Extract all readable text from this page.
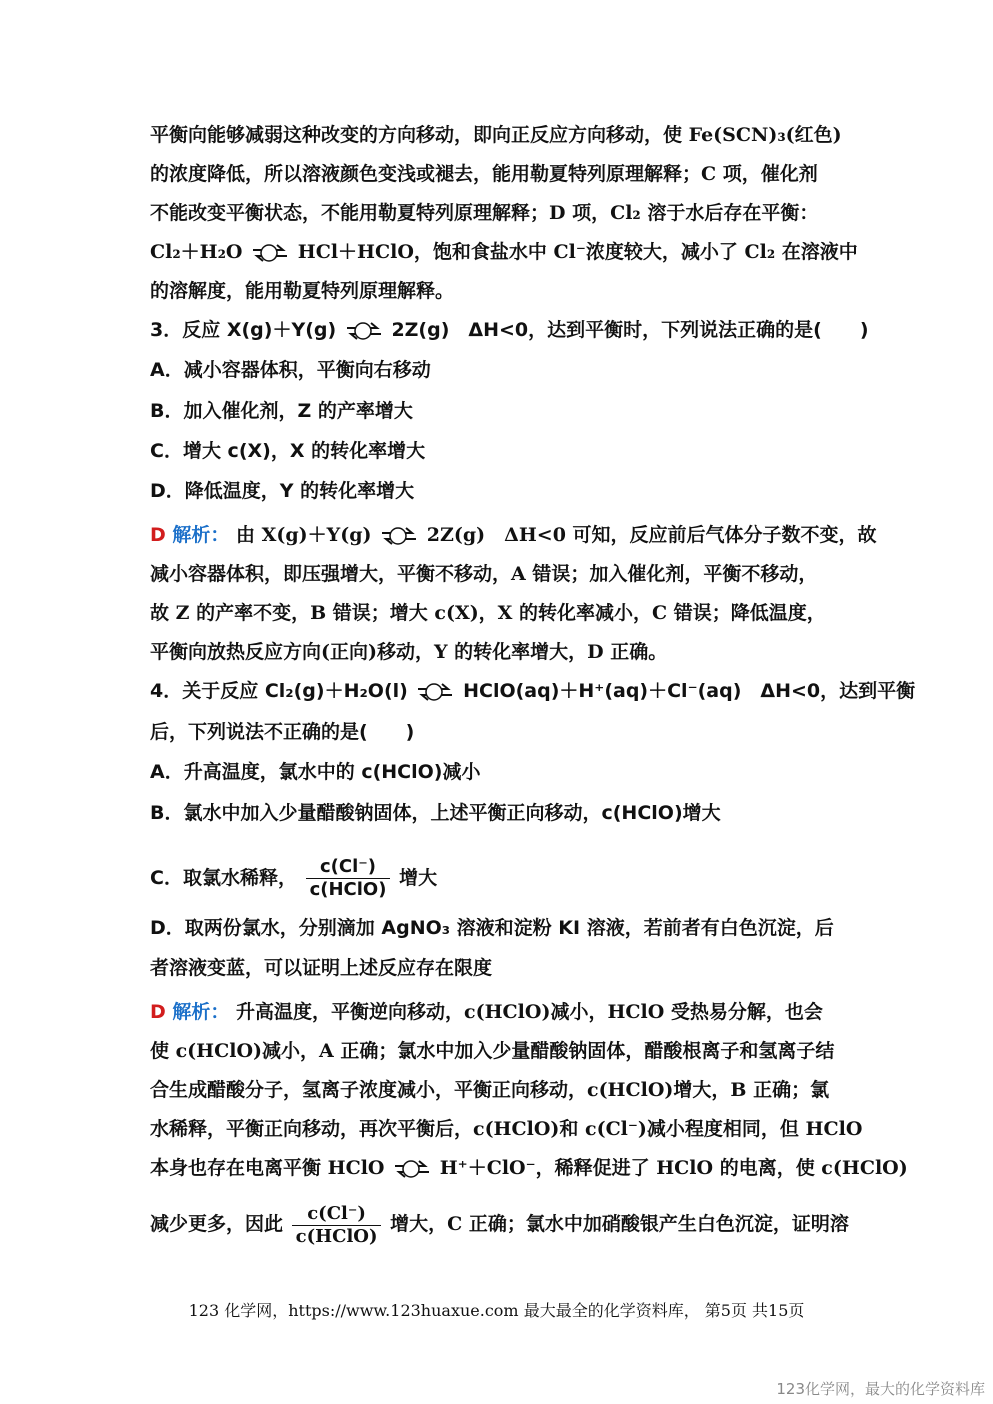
平衡向能够减弱这种改变的方向移动，即向正反应方向移动，使 Fe(SCN)₃(红色)
的浓度降低，所以溶液颜色变浅或褪去，能用勒夏特列原理解释；C 项，催化剂
不能改变平衡状态，不能用勒夏特列原理解释；D 项，Cl₂ 溶于水后存在平衡：
Cl₂＋H₂O ⇌ HCl＋HClO，饱和食盐水中 Cl⁻浓度较大，减小了 Cl₂ 在溶液中
的溶解度，能用勒夏特列原理解释。
3．反应 X(g)＋Y(g) ⇌ 2Z(g)　ΔH<0，达到平衡时，下列说法正确的是(　　)
A．减小容器体积，平衡向右移动
B．加入催化剂，Z 的产率增大
C．增大 c(X)，X 的转化率增大
D．降低温度，Y 的转化率增大
D 解析： 由 X(g)＋Y(g) ⇌ 2Z(g)　ΔH<0 可知，反应前后气体分子数不变，故
减小容器体积，即压强增大，平衡不移动，A 错误；加入催化剂，平衡不移动，
故 Z 的产率不变，B 错误；增大 c(X)，X 的转化率减小，C 错误；降低温度，
平衡向放热反应方向(正向)移动，Y 的转化率增大，D 正确。
4．关于反应 Cl₂(g)＋H₂O(l) ⇌ HClO(aq)＋H⁺(aq)＋Cl⁻(aq)　ΔH<0，达到平衡
后，下列说法不正确的是(　　)
A．升高温度，氯水中的 c(HClO)减小
B．氯水中加入少量醋酸钠固体，上述平衡正向移动，c(HClO)增大
C．取氯水稀释， $\frac{c(Cl^-)}{\text{c(HClO)}}$ 增大
D．取两份氯水，分别滴加 AgNO₃ 溶液和淀粉 KI 溶液，若前者有白色沉淀，后
者溶液变蓝，可以证明上述反应存在限度
D 解析： 升高温度，平衡逆向移动，c(HClO)减小，HClO 受热易分解，也会
使 c(HClO)减小，A 正确；氯水中加入少量醋酸钠固体，醋酸根离子和氢离子结
合生成醋酸分子，氢离子浓度减小，平衡正向移动，c(HClO)增大，B 正确；氯
水稀释，平衡正向移动，再次平衡后，c(HClO)和 c(Cl⁻)减小程度相同，但 HClO
本身也存在电离平衡 HClO ⇌ H⁺＋ClO⁻，稀释促进了 HClO 的电离，使 c(HClO)
减少更多，因此 $\frac{c(Cl^-)}{\text{c(HClO)}}$ 增大，C 正确；氯水中加硝酸银产生白色沉淀，证明溶
123 化学网，https://www.123huaxue.com 最大最全的化学资料库， 第5页 共15页
123化学网，最大的化学资料库
